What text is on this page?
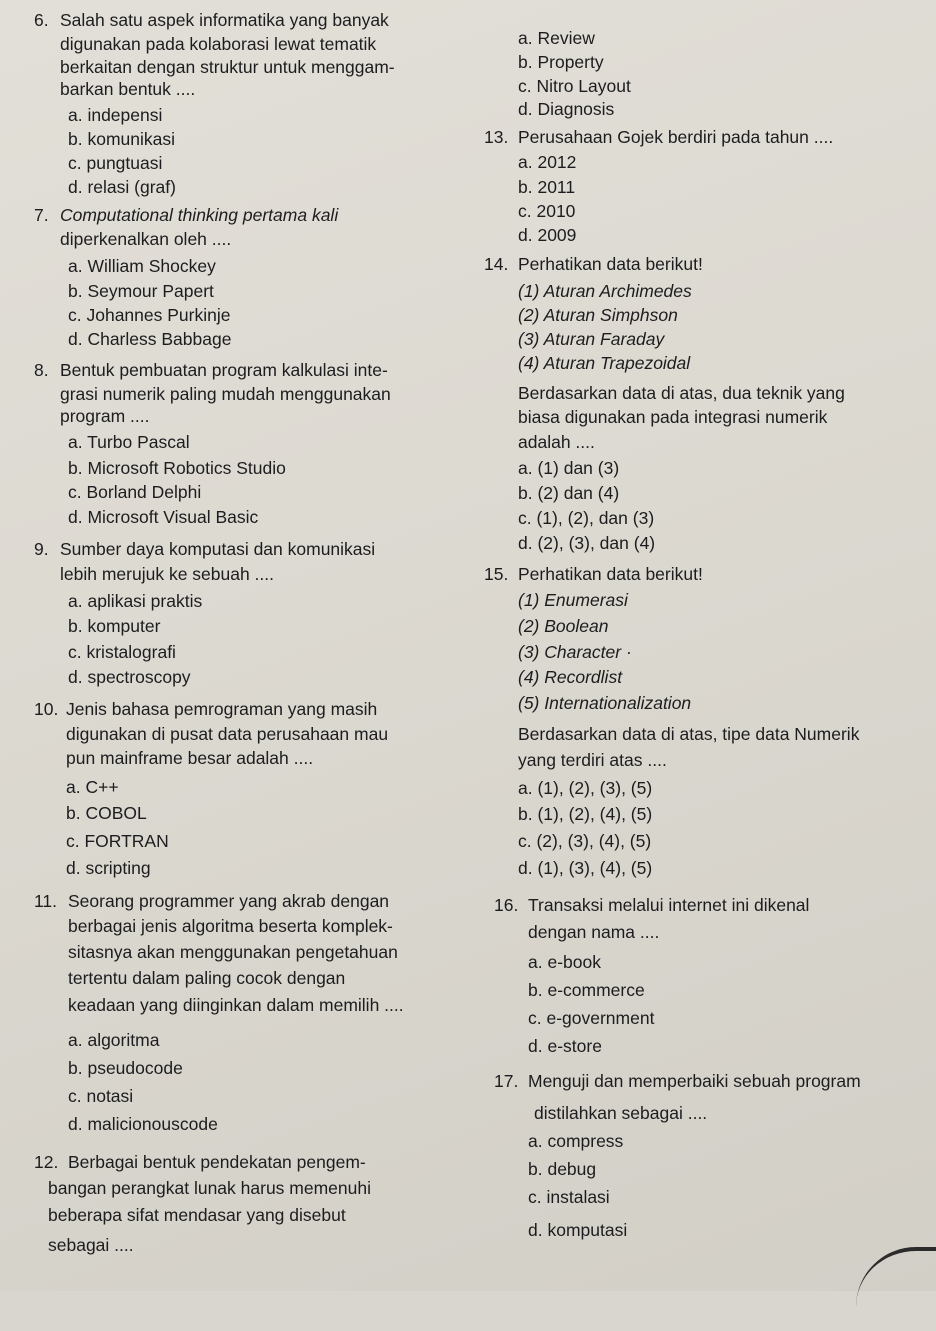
6. Salah satu aspek informatika yang banyak
digunakan pada kolaborasi lewat tematik
berkaitan dengan struktur untuk menggam-
barkan bentuk ....
a. indepensi
b. komunikasi
c. pungtuasi
d. relasi (graf)
7. Computational thinking pertama kali
diperkenalkan oleh ....
a. William Shockey
b. Seymour Papert
c. Johannes Purkinje
d. Charless Babbage
8. Bentuk pembuatan program kalkulasi inte-
grasi numerik paling mudah menggunakan
program ....
a. Turbo Pascal
b. Microsoft Robotics Studio
c. Borland Delphi
d. Microsoft Visual Basic
9. Sumber daya komputasi dan komunikasi
lebih merujuk ke sebuah ....
a. aplikasi praktis
b. komputer
c. kristalografi
d. spectroscopy
10. Jenis bahasa pemrograman yang masih
digunakan di pusat data perusahaan mau
pun mainframe besar adalah ....
a. C++
b. COBOL
c. FORTRAN
d. scripting
11. Seorang programmer yang akrab dengan
berbagai jenis algoritma beserta komplek-
sitasnya akan menggunakan pengetahuan
tertentu dalam paling cocok dengan
keadaan yang diinginkan dalam memilih ....
a. algoritma
b. pseudocode
c. notasi
d. malicionouscode
12. Berbagai bentuk pendekatan pengem-
bangan perangkat lunak harus memenuhi
beberapa sifat mendasar yang disebut
sebagai ....
a. Review
b. Property
c. Nitro Layout
d. Diagnosis
13. Perusahaan Gojek berdiri pada tahun ....
a. 2012
b. 2011
c. 2010
d. 2009
14. Perhatikan data berikut!
(1) Aturan Archimedes
(2) Aturan Simphson
(3) Aturan Faraday
(4) Aturan Trapezoidal
Berdasarkan data di atas, dua teknik yang
biasa digunakan pada integrasi numerik
adalah ....
a. (1) dan (3)
b. (2) dan (4)
c. (1), (2), dan (3)
d. (2), (3), dan (4)
15. Perhatikan data berikut!
(1) Enumerasi
(2) Boolean
(3) Character ·
(4) Recordlist
(5) Internationalization
Berdasarkan data di atas, tipe data Numerik
yang terdiri atas ....
a. (1), (2), (3), (5)
b. (1), (2), (4), (5)
c. (2), (3), (4), (5)
d. (1), (3), (4), (5)
16. Transaksi melalui internet ini dikenal
dengan nama ....
a. e-book
b. e-commerce
c. e-government
d. e-store
17. Menguji dan memperbaiki sebuah program
distilahkan sebagai ....
a. compress
b. debug
c. instalasi
d. komputasi
